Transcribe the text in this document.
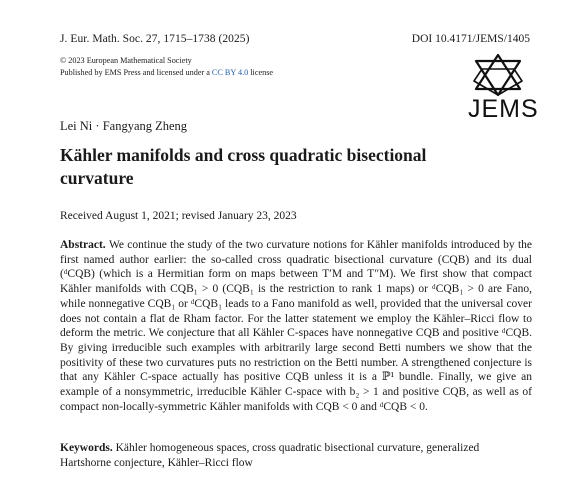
J. Eur. Math. Soc. 27, 1715–1738 (2025)	DOI 10.4171/JEMS/1405
© 2023 European Mathematical Society
Published by EMS Press and licensed under a CC BY 4.0 license
JEMS
Lei Ni · Fangyang Zheng
Kähler manifolds and cross quadratic bisectional curvature
Received August 1, 2021; revised January 23, 2023
Abstract. We continue the study of the two curvature notions for Kähler manifolds introduced by the first named author earlier: the so-called cross quadratic bisectional curvature (CQB) and its dual (ᵈCQB) (which is a Hermitian form on maps between T′M and T″M). We first show that compact Kähler manifolds with CQB₁ > 0 (CQB₁ is the restriction to rank 1 maps) or ᵈCQB₁ > 0 are Fano, while nonnegative CQB₁ or ᵈCQB₁ leads to a Fano manifold as well, provided that the universal cover does not contain a flat de Rham factor. For the latter statement we employ the Kähler–Ricci flow to deform the metric. We conjecture that all Kähler C-spaces have nonnegative CQB and positive ᵈCQB. By giving irreducible such examples with arbitrarily large second Betti numbers we show that the positivity of these two curvatures puts no restriction on the Betti number. A strengthened conjecture is that any Kähler C-space actually has positive CQB unless it is a ℙ¹ bundle. Finally, we give an example of a nonsymmetric, irreducible Kähler C-space with b₂ > 1 and positive CQB, as well as of compact non-locally-symmetric Kähler manifolds with CQB < 0 and ᵈCQB < 0.
Keywords. Kähler homogeneous spaces, cross quadratic bisectional curvature, generalized Hartshorne conjecture, Kähler–Ricci flow
